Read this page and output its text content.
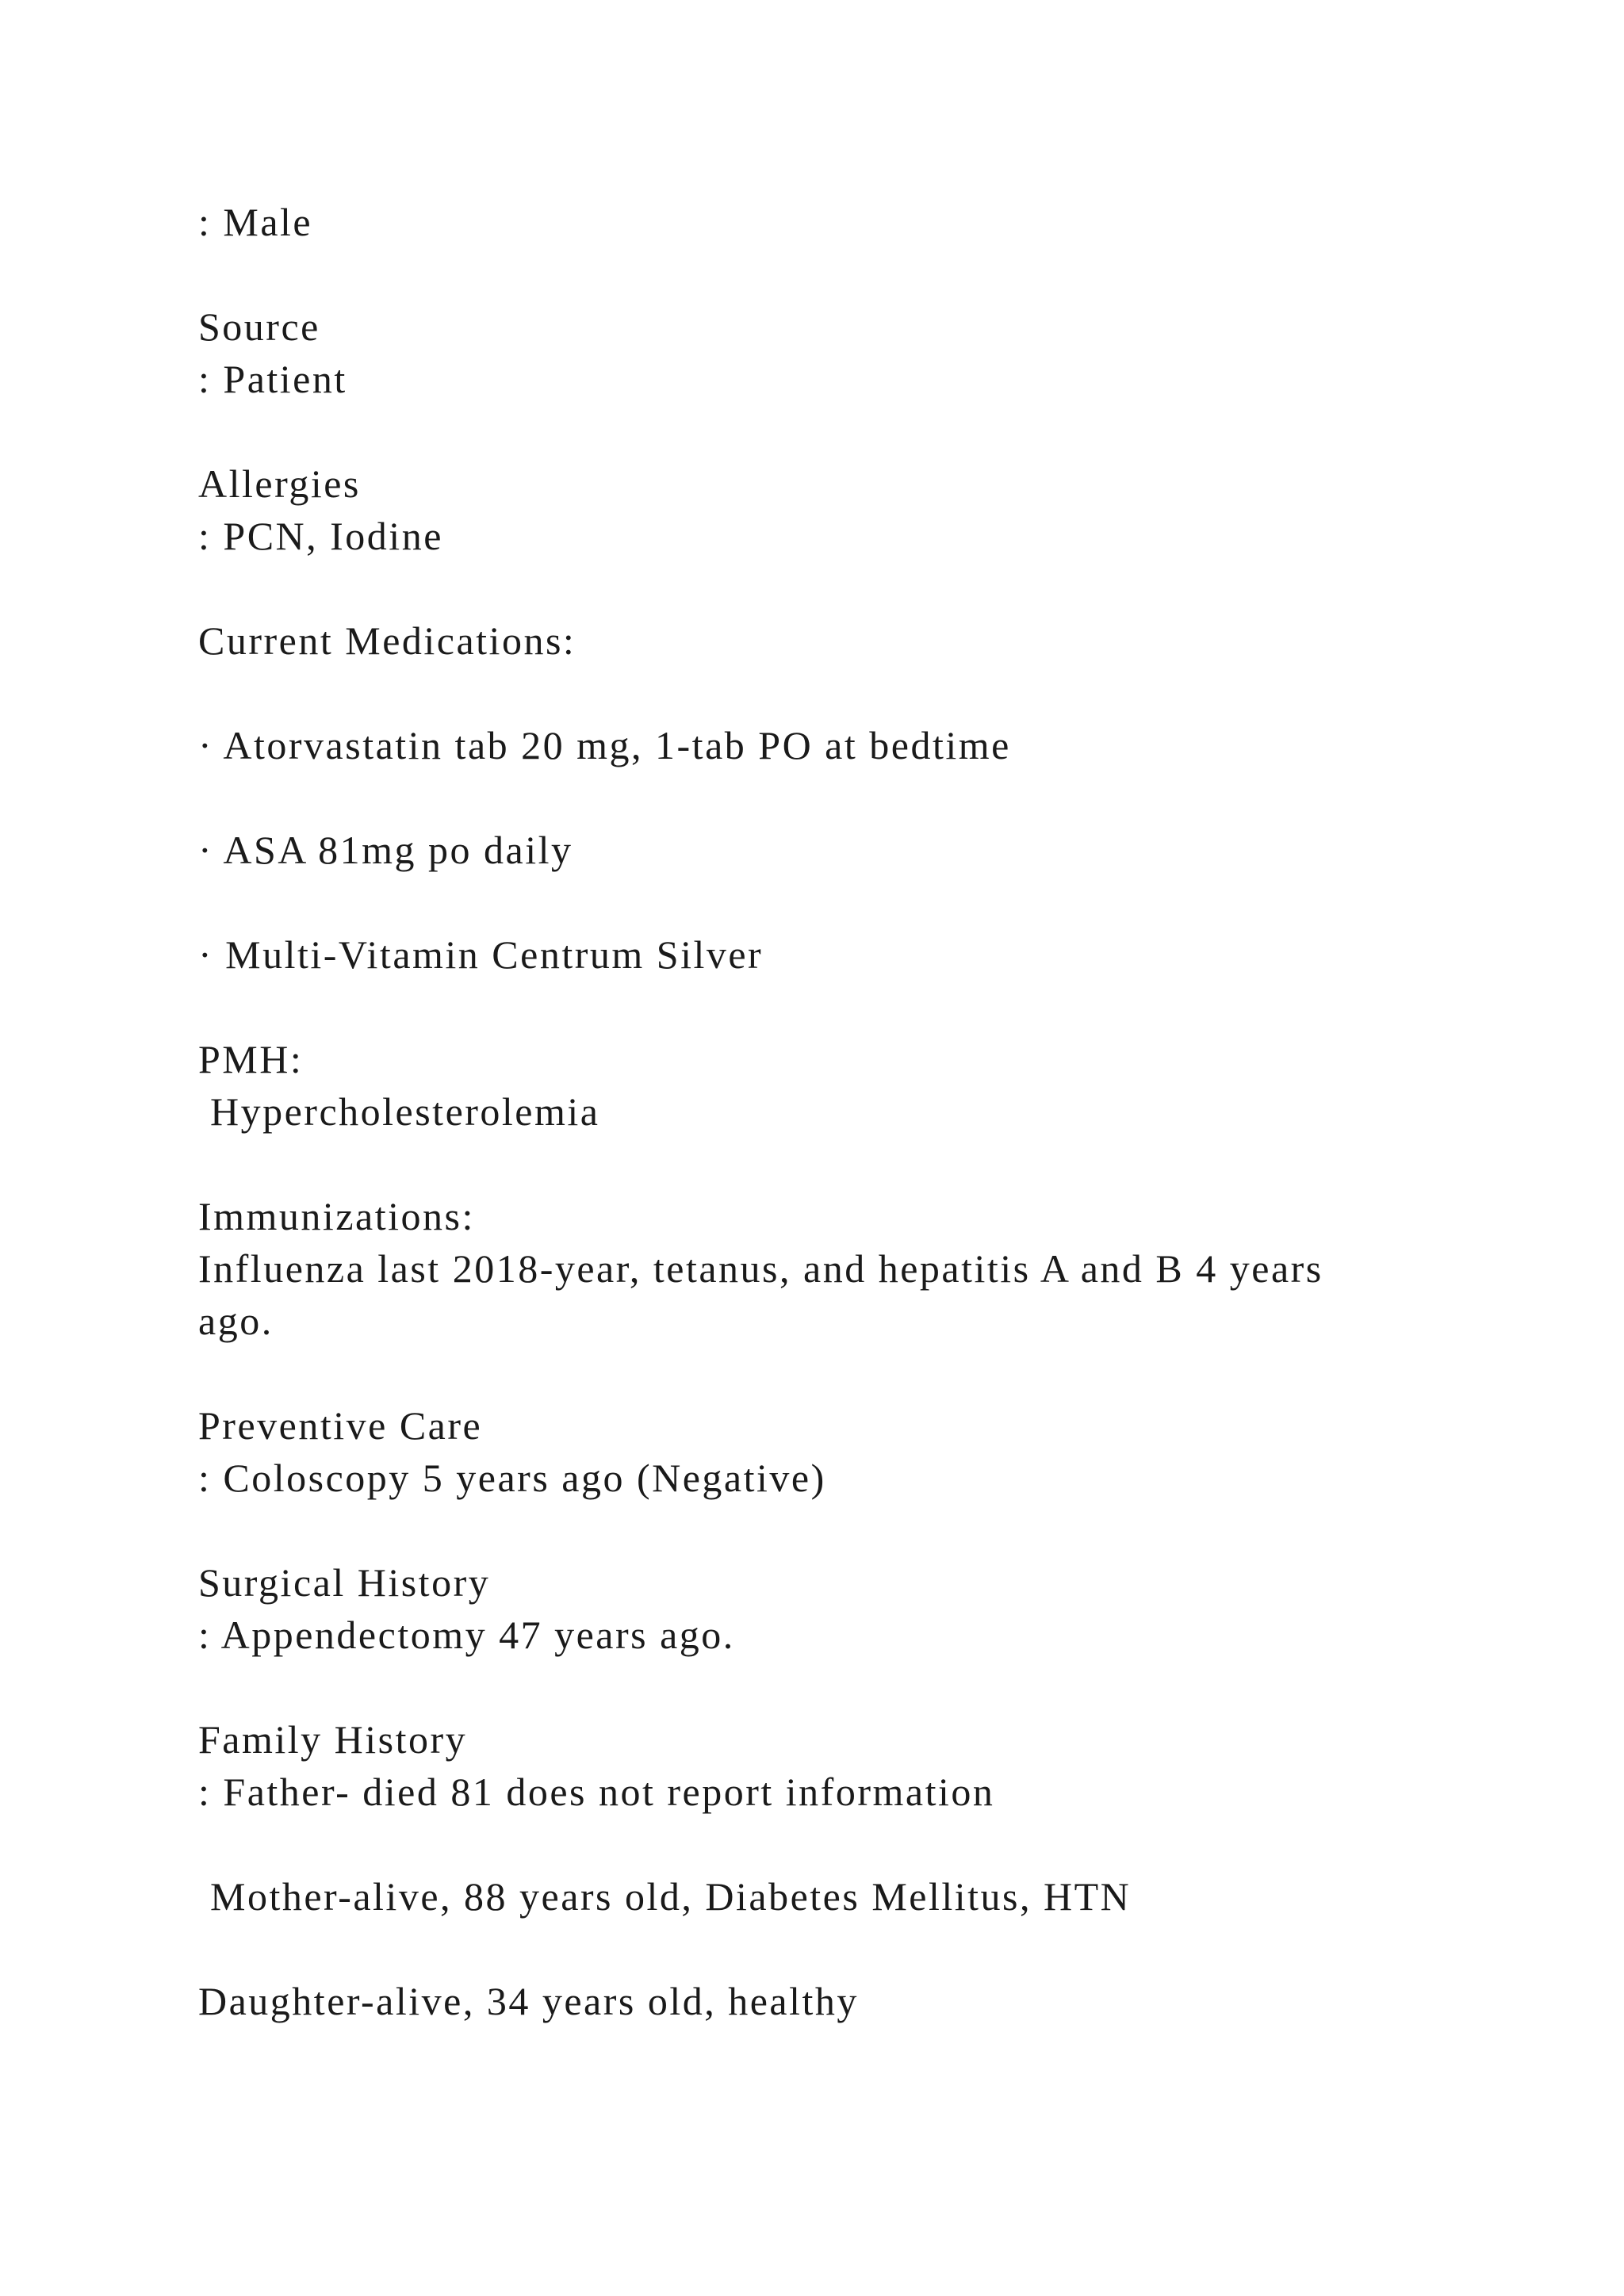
: Male

Source

: Patient

Allergies

: PCN, Iodine

Current Medications:

· Atorvastatin tab 20 mg, 1-tab PO at bedtime

· ASA 81mg po daily

· Multi-Vitamin Centrum Silver

PMH:

Hypercholesterolemia

Immunizations:

Influenza last 2018-year, tetanus, and hepatitis A and B 4 years

ago.

Preventive Care

: Coloscopy 5 years ago (Negative)

Surgical History

: Appendectomy 47 years ago.

Family History

: Father- died 81 does not report information

Mother-alive, 88 years old, Diabetes Mellitus, HTN

Daughter-alive, 34 years old, healthy
